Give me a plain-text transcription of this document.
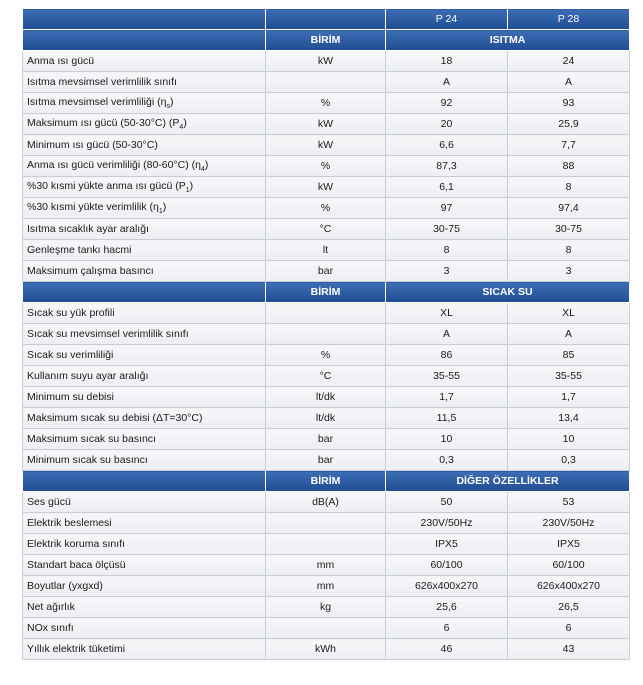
		P 24	P 28
	BİRİM	ISITMA	
Anma ısı gücü	kW	18	24
Isıtma mevsimsel verimlilik sınıfı		A	A
Isıtma mevsimsel verimliliği $(\eta_s)$	%	92	93
Maksimum ısı gücü (50-30°C) $(P_4)$	kW	20	25,9
Minimum ısı gücü (50-30°C)	kW	6,6	7,7
Anma ısı gücü verimliliği (80-60°C) $(\eta_4)$	%	87,3	88
%30 kısmi yükte anma ısı gücü $(P_1)$	kW	6,1	8
%30 kısmi yükte verimlilik $(\eta_1)$	%	97	97,4
Isıtma sıcaklık ayar aralığı	°C	30-75	30-75
Genleşme tankı hacmi	lt	8	8
Maksimum çalışma basıncı	bar	3	3
	BİRİM	SICAK SU	
Sıcak su yük profili		XL	XL
Sıcak su mevsimsel verimlilik sınıfı		A	A
Sıcak su verimliliği	%	86	85
Kullanım suyu ayar aralığı	°C	35-55	35-55
Minimum su debisi	lt/dk	1,7	1,7
Maksimum sıcak su debisi (ΔT=30°C)	lt/dk	11,5	13,4
Maksimum sıcak su basıncı	bar	10	10
Minimum sıcak su basıncı	bar	0,3	0,3
	BİRİM	DİĞER ÖZELLİKLER	
Ses gücü	dB(A)	50	53
Elektrik beslemesi		230V/50Hz	230V/50Hz
Elektrik koruma sınıfı		IPX5	IPX5
Standart baca ölçüsü	mm	60/100	60/100
Boyutlar (yxgxd)	mm	626x400x270	626x400x270
Net ağırlık	kg	25,6	26,5
NOx sınıfı		6	6
Yıllık elektrik tüketimi	kWh	46	43
